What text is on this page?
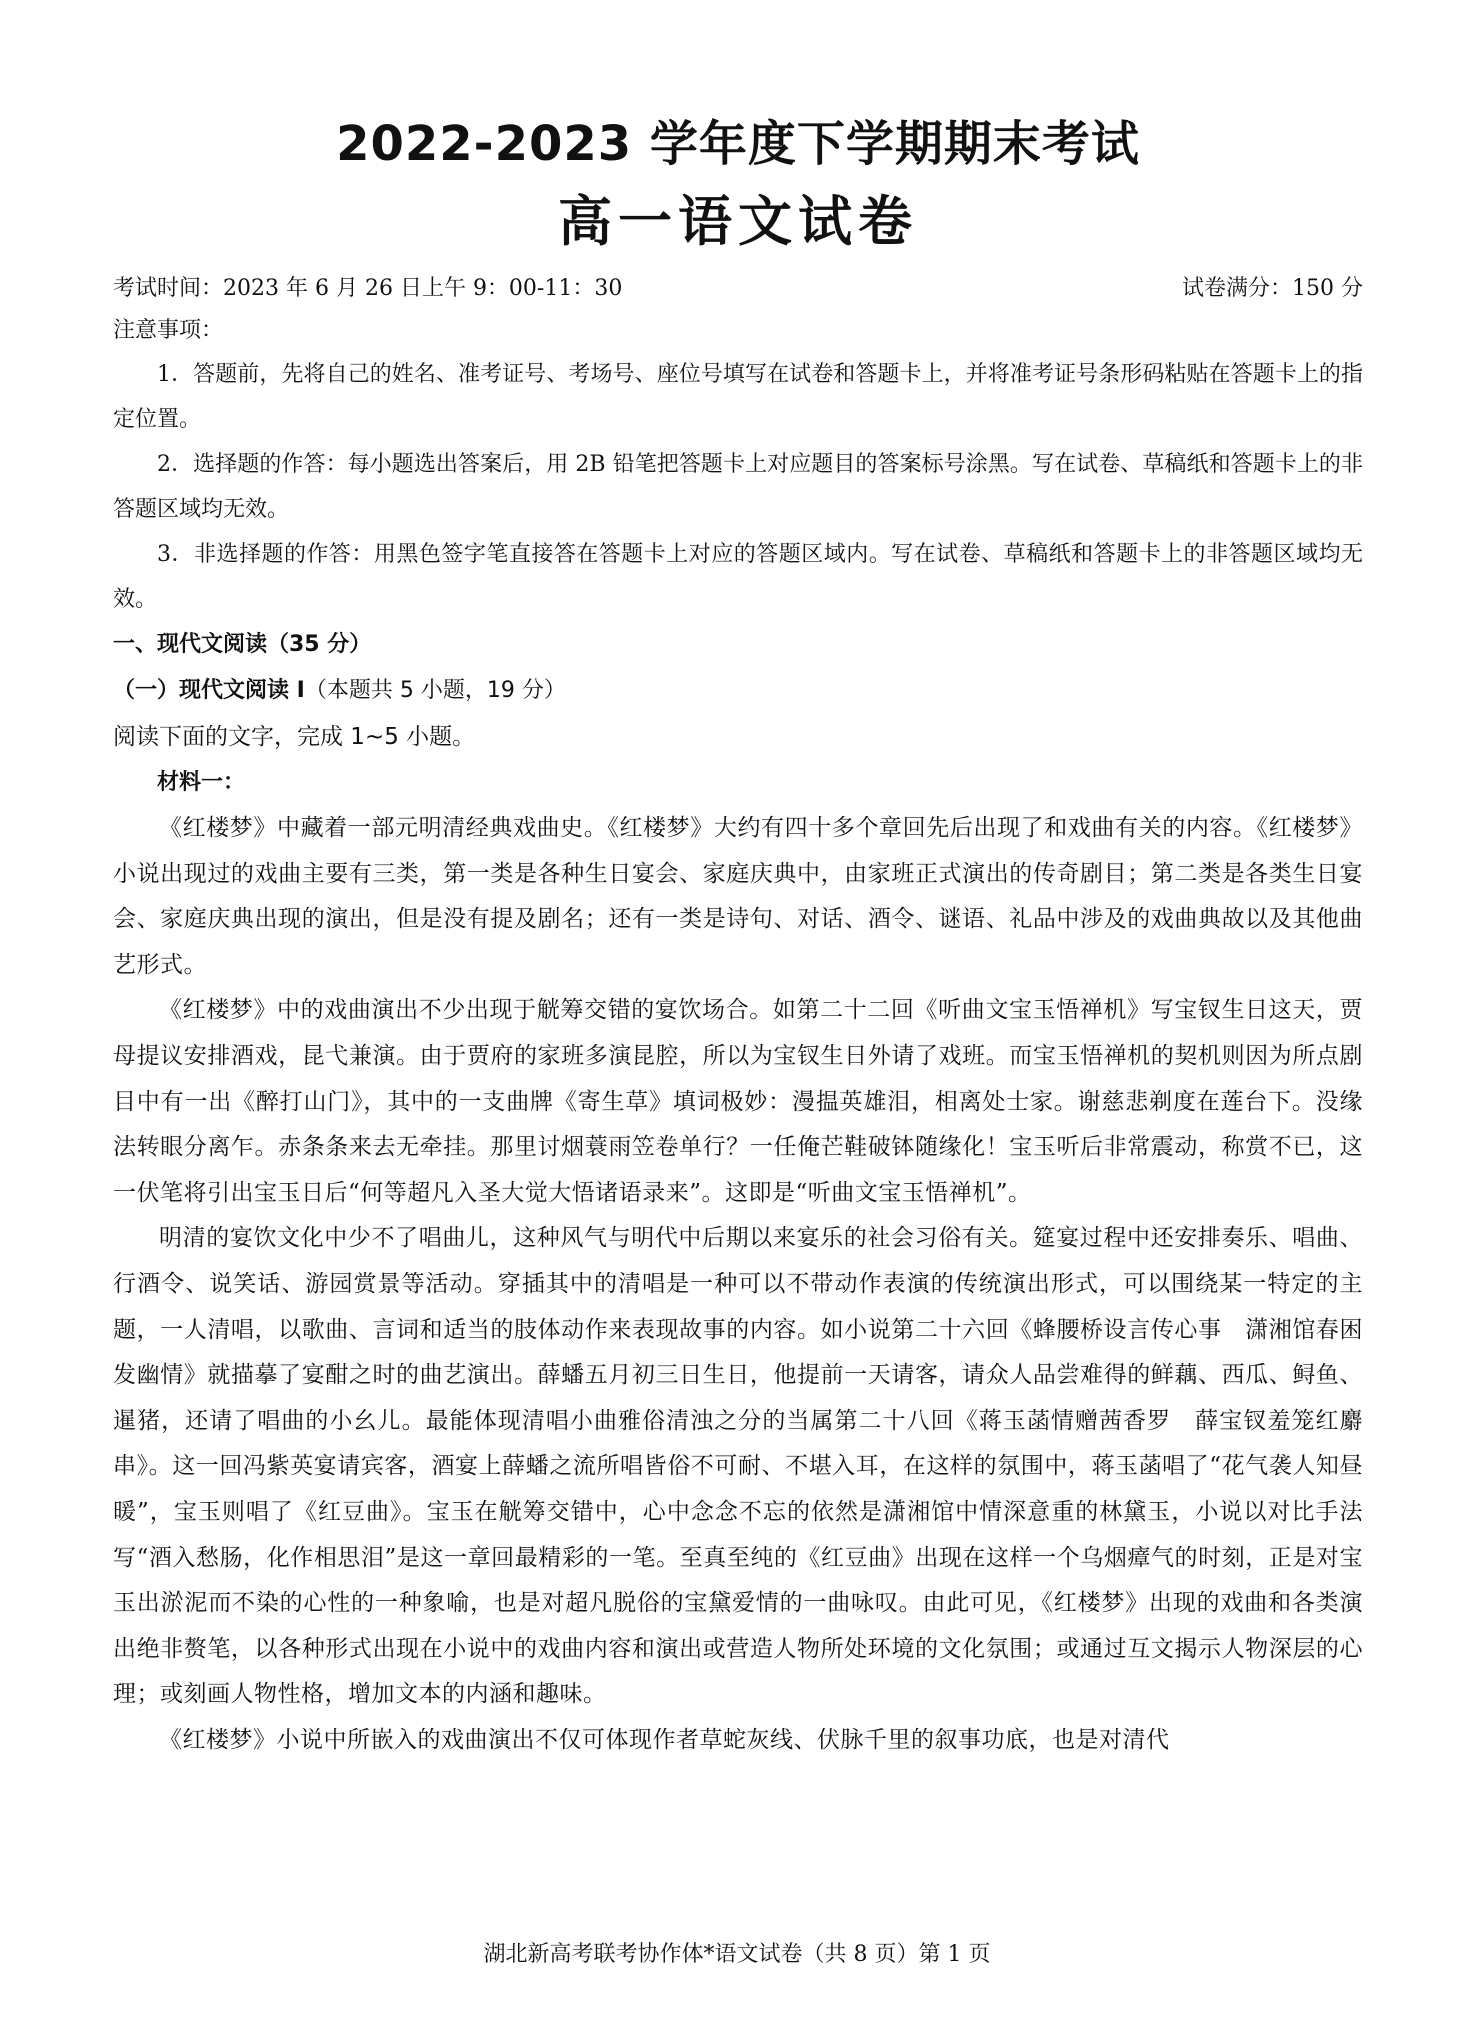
2022-2023 学年度下学期期末考试
高一语文试卷
考试时间：2023 年 6 月 26 日上午 9：00-11：30	试卷满分：150 分
注意事项：

1．答题前，先将自己的姓名、准考证号、考场号、座位号填写在试卷和答题卡上，并将准考证号条形码粘贴在答题卡上的指定位置。

2．选择题的作答：每小题选出答案后，用 2B 铅笔把答题卡上对应题目的答案标号涂黑。写在试卷、草稿纸和答题卡上的非答题区域均无效。

3．非选择题的作答：用黑色签字笔直接答在答题卡上对应的答题区域内。写在试卷、草稿纸和答题卡上的非答题区域均无效。

一、现代文阅读（35 分）

（一）现代文阅读 I（本题共 5 小题，19 分）

阅读下面的文字，完成 1~5 小题。

材料一：

《红楼梦》中藏着一部元明清经典戏曲史。《红楼梦》大约有四十多个章回先后出现了和戏曲有关的内容。《红楼梦》小说出现过的戏曲主要有三类，第一类是各种生日宴会、家庭庆典中，由家班正式演出的传奇剧目；第二类是各类生日宴会、家庭庆典出现的演出，但是没有提及剧名；还有一类是诗句、对话、酒令、谜语、礼品中涉及的戏曲典故以及其他曲艺形式。

《红楼梦》中的戏曲演出不少出现于觥筹交错的宴饮场合。如第二十二回《听曲文宝玉悟禅机》写宝钗生日这天，贾母提议安排酒戏，昆弋兼演。由于贾府的家班多演昆腔，所以为宝钗生日外请了戏班。而宝玉悟禅机的契机则因为所点剧目中有一出《醉打山门》，其中的一支曲牌《寄生草》填词极妙：漫揾英雄泪，相离处士家。谢慈悲剃度在莲台下。没缘法转眼分离乍。赤条条来去无牵挂。那里讨烟蓑雨笠卷单行？一任俺芒鞋破钵随缘化！宝玉听后非常震动，称赏不已，这一伏笔将引出宝玉日后“何等超凡入圣大觉大悟诸语录来”。这即是“听曲文宝玉悟禅机”。

明清的宴饮文化中少不了唱曲儿，这种风气与明代中后期以来宴乐的社会习俗有关。筵宴过程中还安排奏乐、唱曲、行酒令、说笑话、游园赏景等活动。穿插其中的清唱是一种可以不带动作表演的传统演出形式，可以围绕某一特定的主题，一人清唱，以歌曲、言词和适当的肢体动作来表现故事的内容。如小说第二十六回《蜂腰桥设言传心事　潇湘馆春困发幽情》就描摹了宴酣之时的曲艺演出。薛蟠五月初三日生日，他提前一天请客，请众人品尝难得的鲜藕、西瓜、鲟鱼、暹猪，还请了唱曲的小幺儿。最能体现清唱小曲雅俗清浊之分的当属第二十八回《蒋玉菡情赠茜香罗　薛宝钗羞笼红麝串》。这一回冯紫英宴请宾客，酒宴上薛蟠之流所唱皆俗不可耐、不堪入耳，在这样的氛围中，蒋玉菡唱了“花气袭人知昼暖”，宝玉则唱了《红豆曲》。宝玉在觥筹交错中，心中念念不忘的依然是潇湘馆中情深意重的林黛玉，小说以对比手法写“酒入愁肠，化作相思泪”是这一章回最精彩的一笔。至真至纯的《红豆曲》出现在这样一个乌烟瘴气的时刻，正是对宝玉出淤泥而不染的心性的一种象喻，也是对超凡脱俗的宝黛爱情的一曲咏叹。由此可见，《红楼梦》出现的戏曲和各类演出绝非赘笔，以各种形式出现在小说中的戏曲内容和演出或营造人物所处环境的文化氛围；或通过互文揭示人物深层的心理；或刻画人物性格，增加文本的内涵和趣味。

《红楼梦》小说中所嵌入的戏曲演出不仅可体现作者草蛇灰线、伏脉千里的叙事功底，也是对清代

湖北新高考联考协作体*语文试卷（共 8 页）第 1 页
